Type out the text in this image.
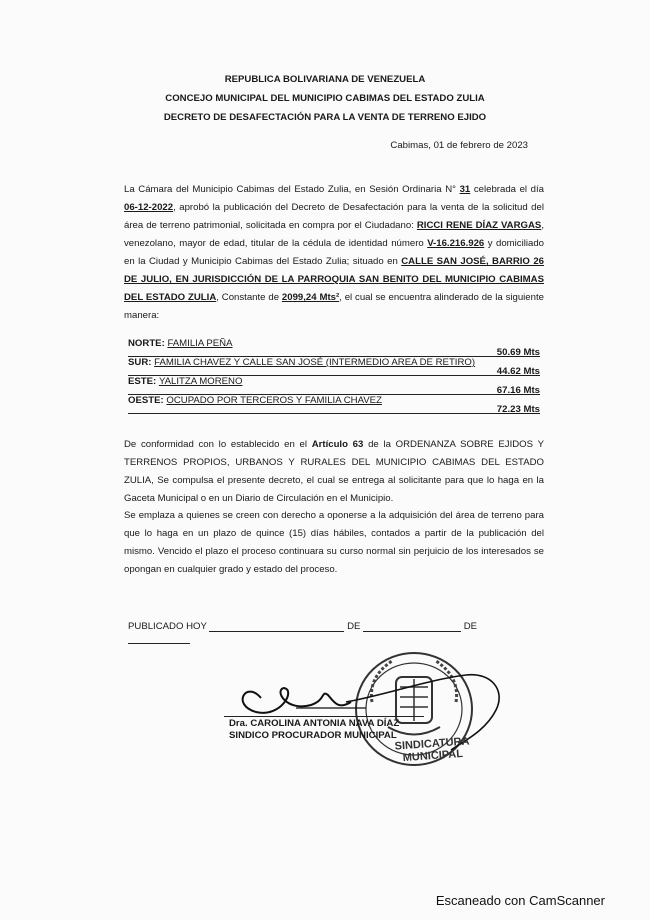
REPUBLICA BOLIVARIANA DE VENEZUELA
CONCEJO MUNICIPAL DEL MUNICIPIO CABIMAS DEL ESTADO ZULIA
DECRETO DE DESAFECTACIÓN PARA LA VENTA DE TERRENO EJIDO
Cabimas, 01 de febrero de 2023
La Cámara del Municipio Cabimas del Estado Zulia, en Sesión Ordinaria N° 31 celebrada el día 06-12-2022, aprobó la publicación del Decreto de Desafectación para la venta de la solicitud del área de terreno patrimonial, solicitada en compra por el Ciudadano: RICCI RENE DÍAZ VARGAS, venezolano, mayor de edad, titular de la cédula de identidad número V-16.216.926 y domiciliado en la Ciudad y Municipio Cabimas del Estado Zulia; situado en CALLE SAN JOSÉ, BARRIO 26 DE JULIO, EN JURISDICCIÓN DE LA PARROQUIA SAN BENITO DEL MUNICIPIO CABIMAS DEL ESTADO ZULIA, Constante de 2099,24 Mts², el cual se encuentra alinderado de la siguiente manera:
NORTE: FAMILIA PEÑA
50.69 Mts
SUR: FAMILIA CHAVEZ Y CALLE SAN JOSÉ (INTERMEDIO AREA DE RETIRO)
44.62 Mts
ESTE: YALITZA MORENO
67.16 Mts
OESTE: OCUPADO POR TERCEROS Y FAMILIA CHAVEZ
72.23 Mts
De conformidad con lo establecido en el Artículo 63 de la ORDENANZA SOBRE EJIDOS Y TERRENOS PROPIOS, URBANOS Y RURALES DEL MUNICIPIO CABIMAS DEL ESTADO ZULIA, Se compulsa el presente decreto, el cual se entrega al solicitante para que lo haga en la Gaceta Municipal o en un Diario de Circulación en el Municipio.
Se emplaza a quienes se creen con derecho a oponerse a la adquisición del área de terreno para que lo haga en un plazo de quince (15) días hábiles, contados a partir de la publicación del mismo. Vencido el plazo el proceso continuara su curso normal sin perjuicio de los interesados se opongan en cualquier grado y estado del proceso.
PUBLICADO HOY	DE	DE
Dra. CAROLINA ANTONIA NAVA DÍAZ
SINDICO PROCURADOR MUNICIPAL
SINDICATURA
MUNICIPAL
Escaneado con CamScanner
